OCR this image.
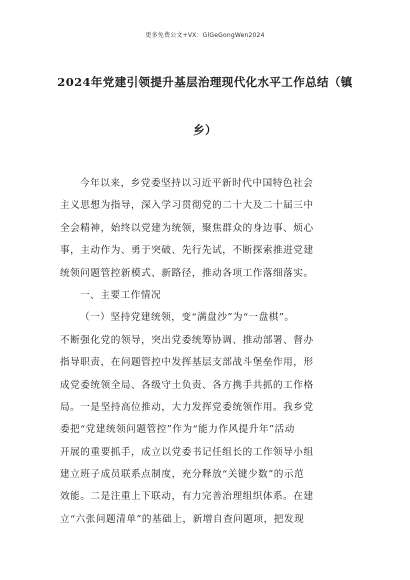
更多免费公文+VX：GlGeGongWen2024
2024年党建引领提升基层治理现代化水平工作总结（镇
乡）
今年以来，乡党委坚持以习近平新时代中国特色社会
主义思想为指导，深入学习贯彻党的二十大及二十届三中
全会精神，始终以党建为统领，聚焦群众的身边事、烦心
事，主动作为、勇于突破、先行先试，不断探索推进党建
统领问题管控新模式、新路径，推动各项工作落细落实。
一、主要工作情况
（一）坚持党建统领，变“满盘沙”为“一盘棋”。
不断强化党的领导，突出党委统筹协调、推动部署、督办
指导职责，在问题管控中发挥基层支部战斗堡垒作用，形
成党委统领全局、各级守土负责、各方携手共抓的工作格
局。一是坚持高位推动，大力发挥党委统领作用。我乡党
委把“党建统领问题管控”作为“能力作风提升年”活动
开展的重要抓手，成立以党委书记任组长的工作领导小组
建立班子成员联系点制度，充分释放“关键少数”的示范
效能。二是注重上下联动，有力完善治理组织体系。在建
立“六张问题清单”的基础上，新增自查问题项，把发现
